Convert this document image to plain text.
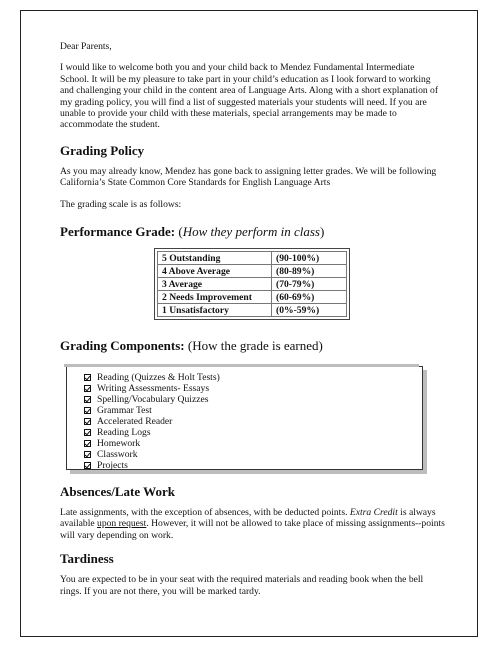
Dear Parents,

I would like to welcome both you and your child back to Mendez Fundamental Intermediate School. It will be my pleasure to take part in your child’s education as I look forward to working and challenging your child in the content area of Language Arts. Along with a short explanation of my grading policy, you will find a list of suggested materials your students will need. If you are unable to provide your child with these materials, special arrangements may be made to accommodate the student.

Grading Policy

As you may already know, Mendez has gone back to assigning letter grades. We will be following California’s State Common Core Standards for English Language Arts

The grading scale is as follows:

Performance Grade: (How they perform in class)
5 Outstanding	(90-100%)
4 Above Average	(80-89%)
3 Average	(70-79%)
2 Needs Improvement	(60-69%)
1 Unsatisfactory	(0%-59%)
Grading Components: (How the grade is earned)
Reading (Quizzes & Holt Tests)
Writing Assessments- Essays
Spelling/Vocabulary Quizzes
Grammar Test
Accelerated Reader
Reading Logs
Homework
Classwork
Projects
Absences/Late Work

Late assignments, with the exception of absences, with be deducted points. Extra Credit is always available upon request. However, it will not be allowed to take place of missing assignments--points will vary depending on work.

Tardiness

You are expected to be in your seat with the required materials and reading book when the bell rings. If you are not there, you will be marked tardy.
